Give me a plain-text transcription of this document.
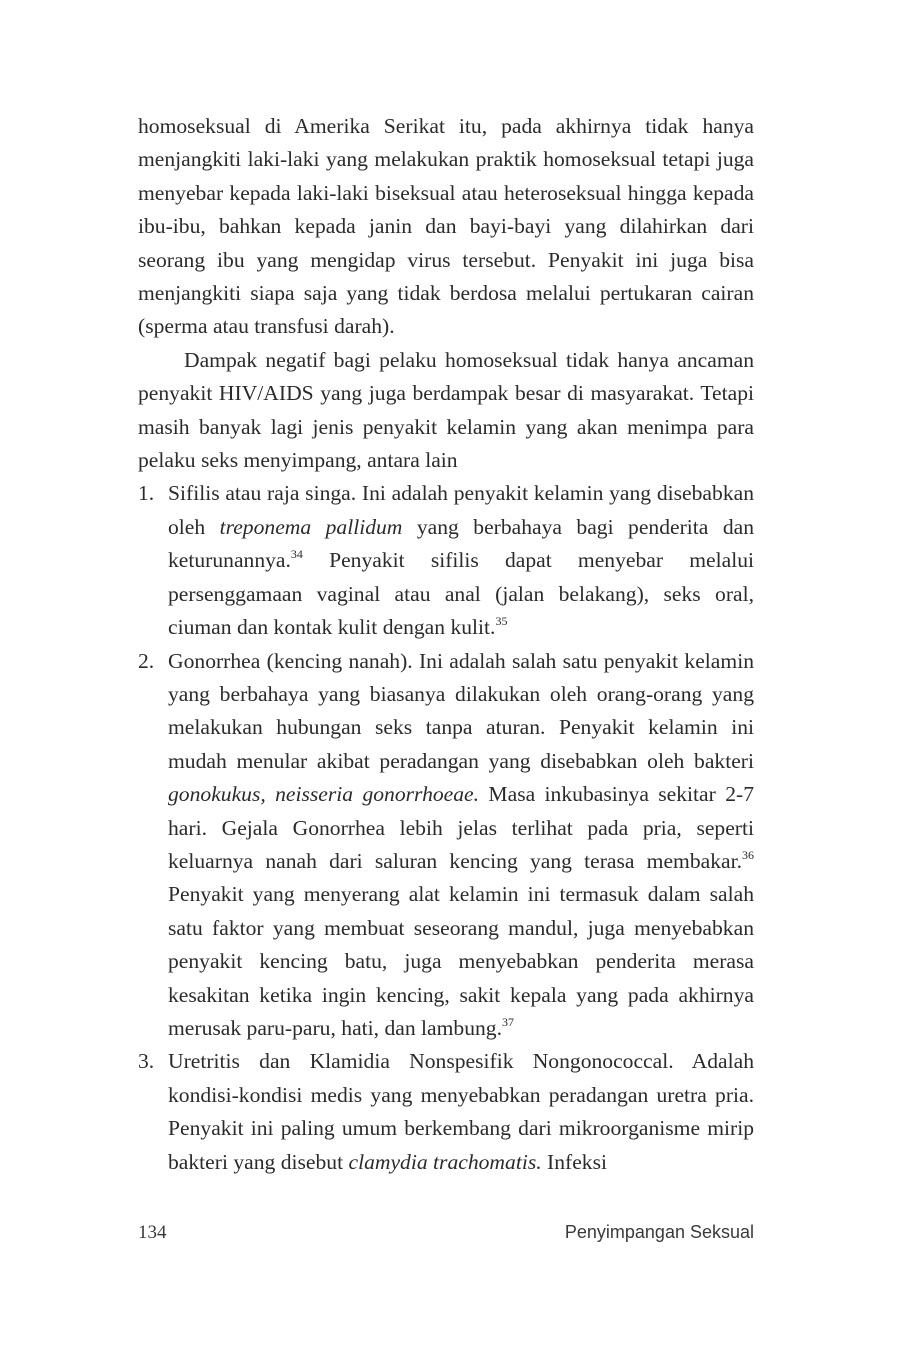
homoseksual di Amerika Serikat itu, pada akhirnya tidak hanya menjangkiti laki-laki yang melakukan praktik homoseksual tetapi juga menyebar kepada laki-laki biseksual atau heteroseksual hingga kepada ibu-ibu, bahkan kepada janin dan bayi-bayi yang dilahirkan dari seorang ibu yang mengidap virus tersebut. Penyakit ini juga bisa menjangkiti siapa saja yang tidak berdosa melalui pertukaran cairan (sperma atau transfusi darah).

Dampak negatif bagi pelaku homoseksual tidak hanya ancaman penyakit HIV/AIDS yang juga berdampak besar di masyarakat. Tetapi masih banyak lagi jenis penyakit kelamin yang akan menimpa para pelaku seks menyimpang, antara lain

1. Sifilis atau raja singa. Ini adalah penyakit kelamin yang disebabkan oleh treponema pallidum yang berbahaya bagi penderita dan keturunannya.$^{34}$ Penyakit sifilis dapat menyebar melalui persenggamaan vaginal atau anal (jalan belakang), seks oral, ciuman dan kontak kulit dengan kulit.$^{35}$
2. Gonorrhea (kencing nanah). Ini adalah salah satu penyakit kelamin yang berbahaya yang biasanya dilakukan oleh orang-orang yang melakukan hubungan seks tanpa aturan. Penyakit kelamin ini mudah menular akibat peradangan yang disebabkan oleh bakteri gonokukus, neisseria gonorrhoeae. Masa inkubasinya sekitar 2-7 hari. Gejala Gonorrhea lebih jelas terlihat pada pria, seperti keluarnya nanah dari saluran kencing yang terasa membakar.$^{36}$ Penyakit yang menyerang alat kelamin ini termasuk dalam salah satu faktor yang membuat seseorang mandul, juga menyebabkan penyakit kencing batu, juga menyebabkan penderita merasa kesakitan ketika ingin kencing, sakit kepala yang pada akhirnya merusak paru-paru, hati, dan lambung.$^{37}$
3. Uretritis dan Klamidia Nonspesifik Nongonococcal. Adalah kondisi-kondisi medis yang menyebabkan peradangan uretra pria. Penyakit ini paling umum berkembang dari mikroorganisme mirip bakteri yang disebut clamydia trachomatis. Infeksi
134	Penyimpangan Seksual
